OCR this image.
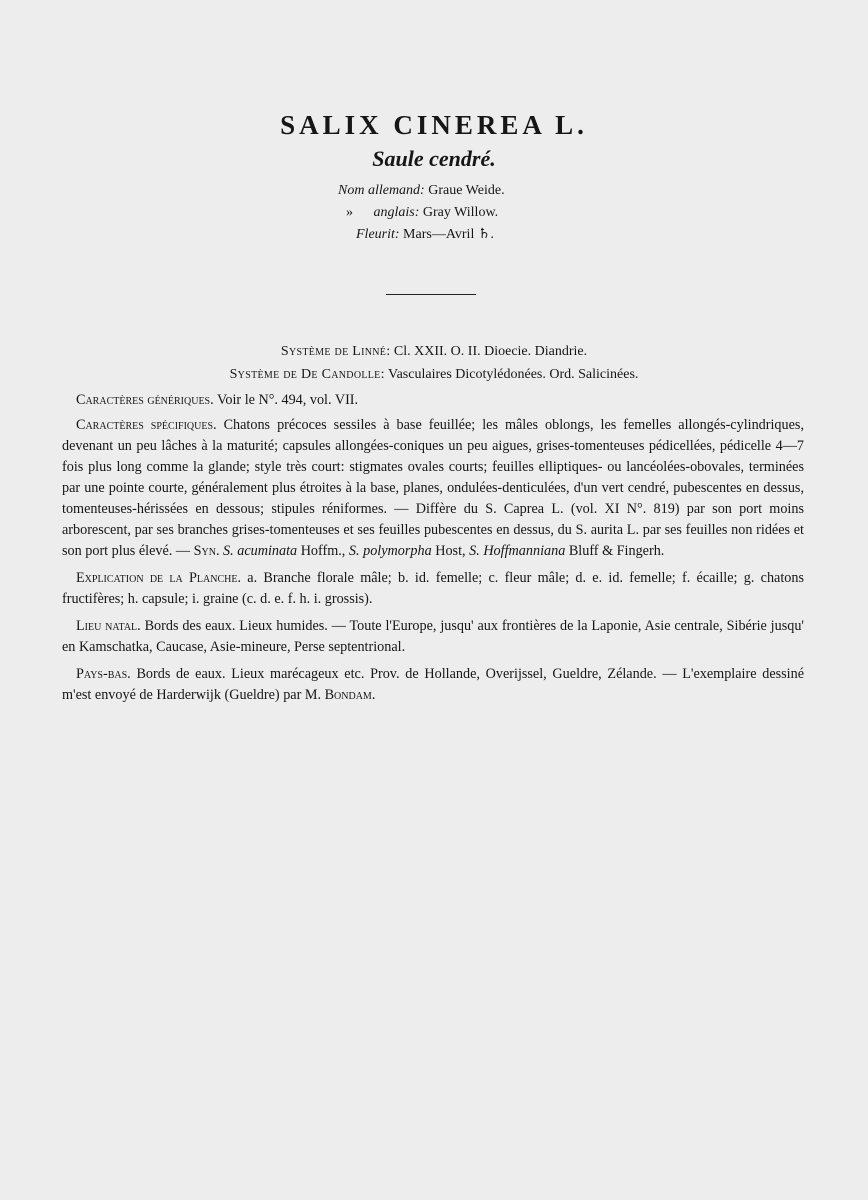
SALIX CINEREA L.
Saule cendré.
Nom allemand: Graue Weide.
» anglais: Gray Willow.
Fleurit: Mars—Avril ♄.
Système de Linné: Cl. XXII. O. II. Dioecie. Diandrie.
Système de De Candolle: Vasculaires Dicotylédonées. Ord. Salicinées.

Caractères génériques. Voir le N°. 494, vol. VII.

Caractères spécifiques. Chatons précoces sessiles à base feuillée; les mâles oblongs, les femelles allongés-cylindriques, devenant un peu lâches à la maturité; capsules allongées-coniques un peu aigues, grises-tomenteuses pédicellées, pédicelle 4—7 fois plus long comme la glande; style très court: stigmates ovales courts; feuilles elliptiques- ou lancéolées-obovales, terminées par une pointe courte, généralement plus étroites à la base, planes, ondulées-denticulées, d'un vert cendré, pubescentes en dessus, tomenteuses-hérissées en dessous; stipules réniformes. — Diffère du S. Caprea L. (vol. XI N°. 819) par son port moins arborescent, par ses branches grises-tomenteuses et ses feuilles pubescentes en dessus, du S. aurita L. par ses feuilles non ridées et son port plus élevé. — Syn. S. acuminata Hoffm., S. polymorpha Host, S. Hoffmanniana Bluff & Fingerh.

Explication de la Planche. a. Branche florale mâle; b. id. femelle; c. fleur mâle; d. e. id. femelle; f. écaille; g. chatons fructifères; h. capsule; i. graine (c. d. e. f. h. i. grossis).

Lieu natal. Bords des eaux. Lieux humides. — Toute l'Europe, jusqu' aux frontières de la Laponie, Asie centrale, Sibérie jusqu' en Kamschatka, Caucase, Asie-mineure, Perse septentrional.

Pays-bas. Bords de eaux. Lieux marécageux etc. Prov. de Hollande, Overijssel, Gueldre, Zélande. — L'exemplaire dessiné m'est envoyé de Harderwijk (Gueldre) par M. Bondam.
